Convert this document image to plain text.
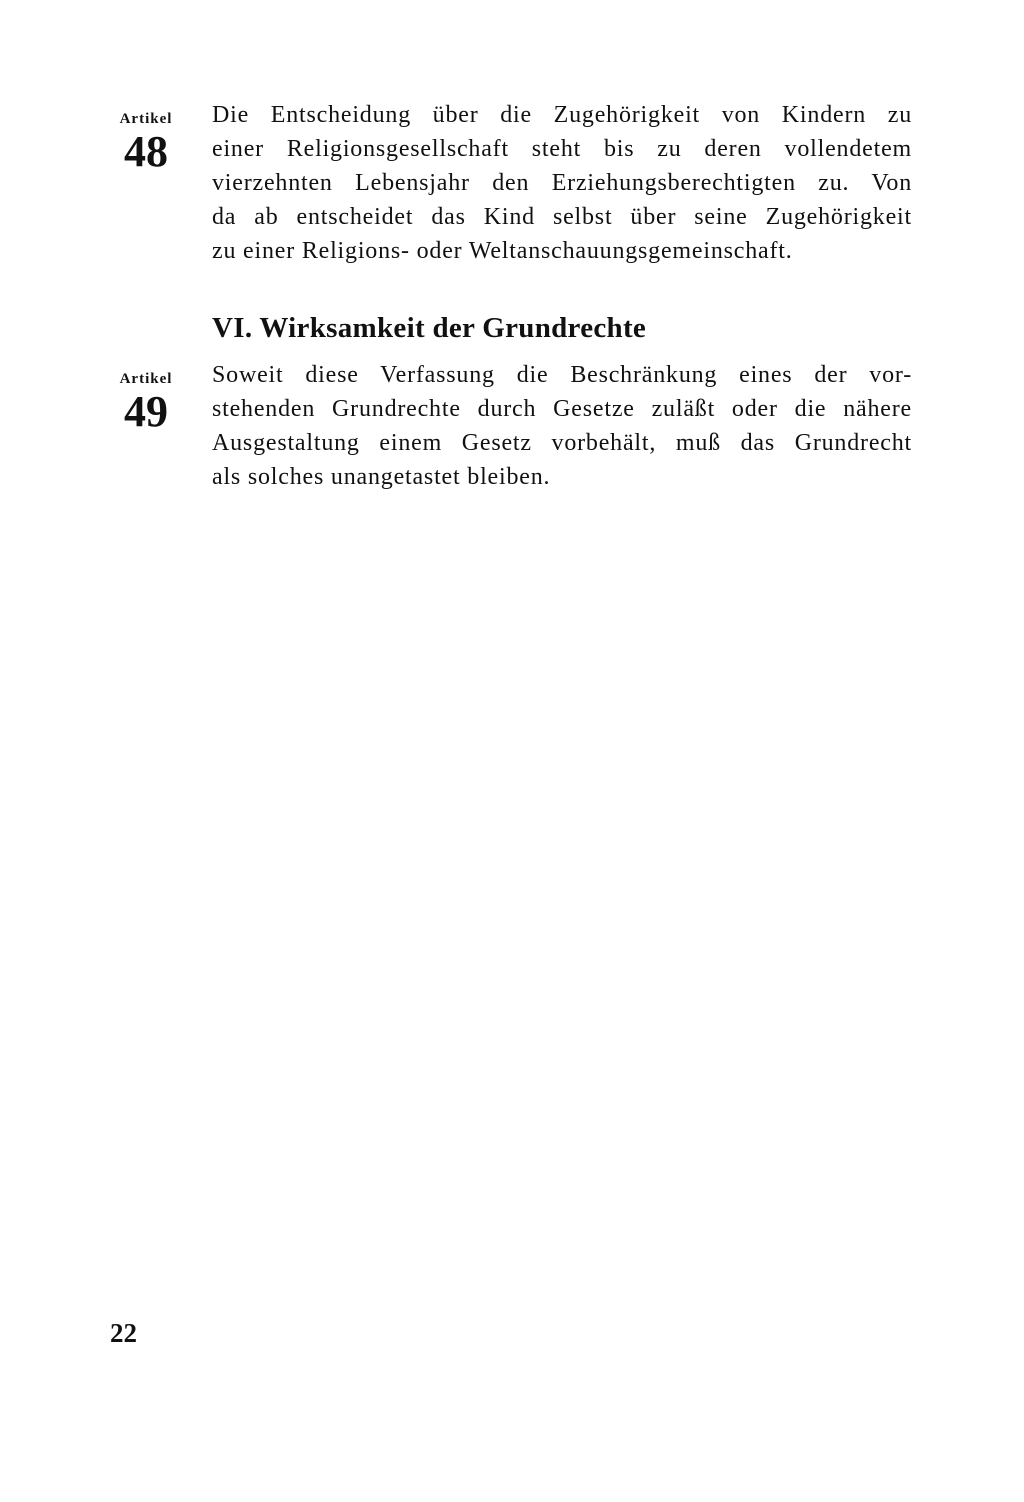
Artikel
48

Die Entscheidung über die Zugehörigkeit von Kindern zu
einer Religionsgesellschaft steht bis zu deren vollendetem
vierzehnten Lebensjahr den Erziehungsberechtigten zu. Von
da ab entscheidet das Kind selbst über seine Zugehörigkeit
zu einer Religions- oder Weltanschauungsgemeinschaft.

VI. Wirksamkeit der Grundrechte
Artikel
49

Soweit diese Verfassung die Beschränkung eines der vor-
stehenden Grundrechte durch Gesetze zuläßt oder die nähere
Ausgestaltung einem Gesetz vorbehält, muß das Grundrecht
als solches unangetastet bleiben.

22
